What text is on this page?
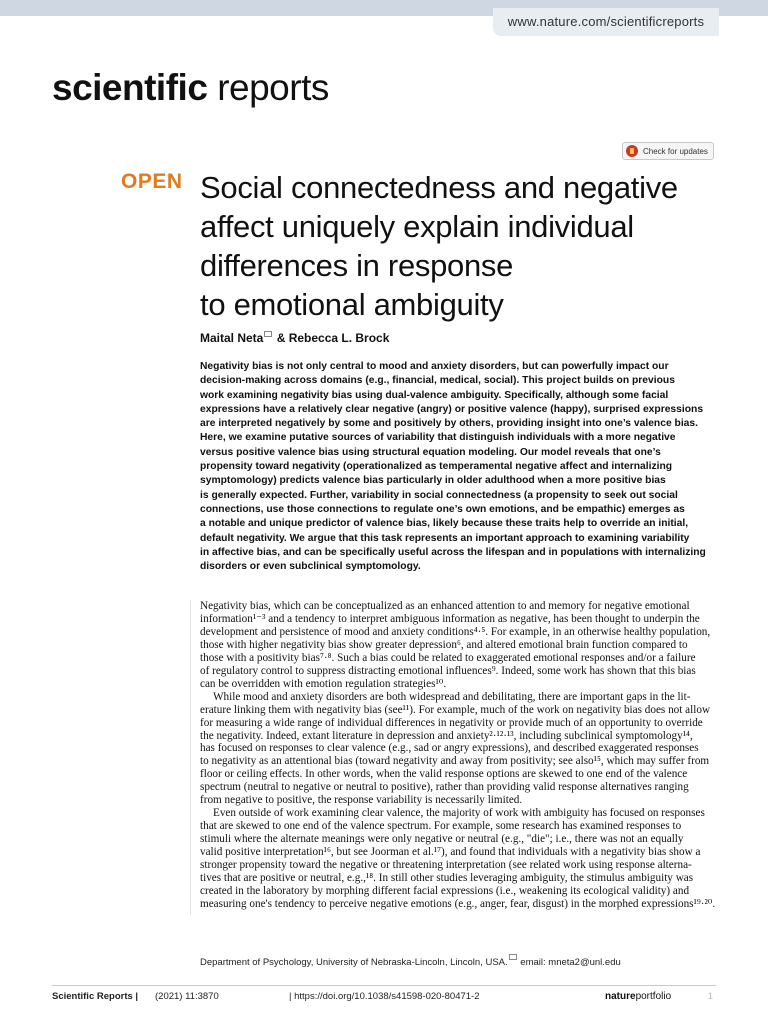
www.nature.com/scientificreports
scientific reports
Check for updates

OPEN Social connectedness and negative
affect uniquely explain individual
differences in response
to emotional ambiguity

Maital Neta & Rebecca L. Brock

Negativity bias is not only central to mood and anxiety disorders, but can powerfully impact our
decision-making across domains (e.g., financial, medical, social). This project builds on previous
work examining negativity bias using dual-valence ambiguity. Specifically, although some facial
expressions have a relatively clear negative (angry) or positive valence (happy), surprised expressions
are interpreted negatively by some and positively by others, providing insight into one’s valence bias.
Here, we examine putative sources of variability that distinguish individuals with a more negative
versus positive valence bias using structural equation modeling. Our model reveals that one’s
propensity toward negativity (operationalized as temperamental negative affect and internalizing
symptomology) predicts valence bias particularly in older adulthood when a more positive bias
is generally expected. Further, variability in social connectedness (a propensity to seek out social
connections, use those connections to regulate one’s own emotions, and be empathic) emerges as
a notable and unique predictor of valence bias, likely because these traits help to override an initial,
default negativity. We argue that this task represents an important approach to examining variability
in affective bias, and can be specifically useful across the lifespan and in populations with internalizing
disorders or even subclinical symptomology.
Negativity bias, which can be conceptualized as an enhanced attention to and memory for negative emotional
information¹⁻³ and a tendency to interpret ambiguous information as negative, has been thought to underpin the
development and persistence of mood and anxiety conditions⁴·⁵. For example, in an otherwise healthy population,
those with higher negativity bias show greater depression⁶, and altered emotional brain function compared to
those with a positivity bias⁷·⁸. Such a bias could be related to exaggerated emotional responses and/or a failure
of regulatory control to suppress distracting emotional influences⁹. Indeed, some work has shown that this bias
can be overridden with emotion regulation strategies¹⁰.
While mood and anxiety disorders are both widespread and debilitating, there are important gaps in the lit-
erature linking them with negativity bias (see¹¹). For example, much of the work on negativity bias does not allow
for measuring a wide range of individual differences in negativity or provide much of an opportunity to override
the negativity. Indeed, extant literature in depression and anxiety²·¹²·¹³, including subclinical symptomology¹⁴,
has focused on responses to clear valence (e.g., sad or angry expressions), and described exaggerated responses
to negativity as an attentional bias (toward negativity and away from positivity; see also¹⁵, which may suffer from
floor or ceiling effects. In other words, when the valid response options are skewed to one end of the valence
spectrum (neutral to negative or neutral to positive), rather than providing valid response alternatives ranging
from negative to positive, the response variability is necessarily limited.
Even outside of work examining clear valence, the majority of work with ambiguity has focused on responses
that are skewed to one end of the valence spectrum. For example, some research has examined responses to
stimuli where the alternate meanings were only negative or neutral (e.g., "die"; i.e., there was not an equally
valid positive interpretation¹⁶, but see Joorman et al.¹⁷), and found that individuals with a negativity bias show a
stronger propensity toward the negative or threatening interpretation (see related work using response alterna-
tives that are positive or neutral, e.g.,¹⁸. In still other studies leveraging ambiguity, the stimulus ambiguity was
created in the laboratory by morphing different facial expressions (i.e., weakening its ecological validity) and
measuring one's tendency to perceive negative emotions (e.g., anger, fear, disgust) in the morphed expressions¹⁹·²⁰.

Department of Psychology, University of Nebraska-Lincoln, Lincoln, USA. email: mneta2@unl.edu

Scientific Reports | (2021) 11:3870	| https://doi.org/10.1038/s41598-020-80471-2	natureportfolio	1
